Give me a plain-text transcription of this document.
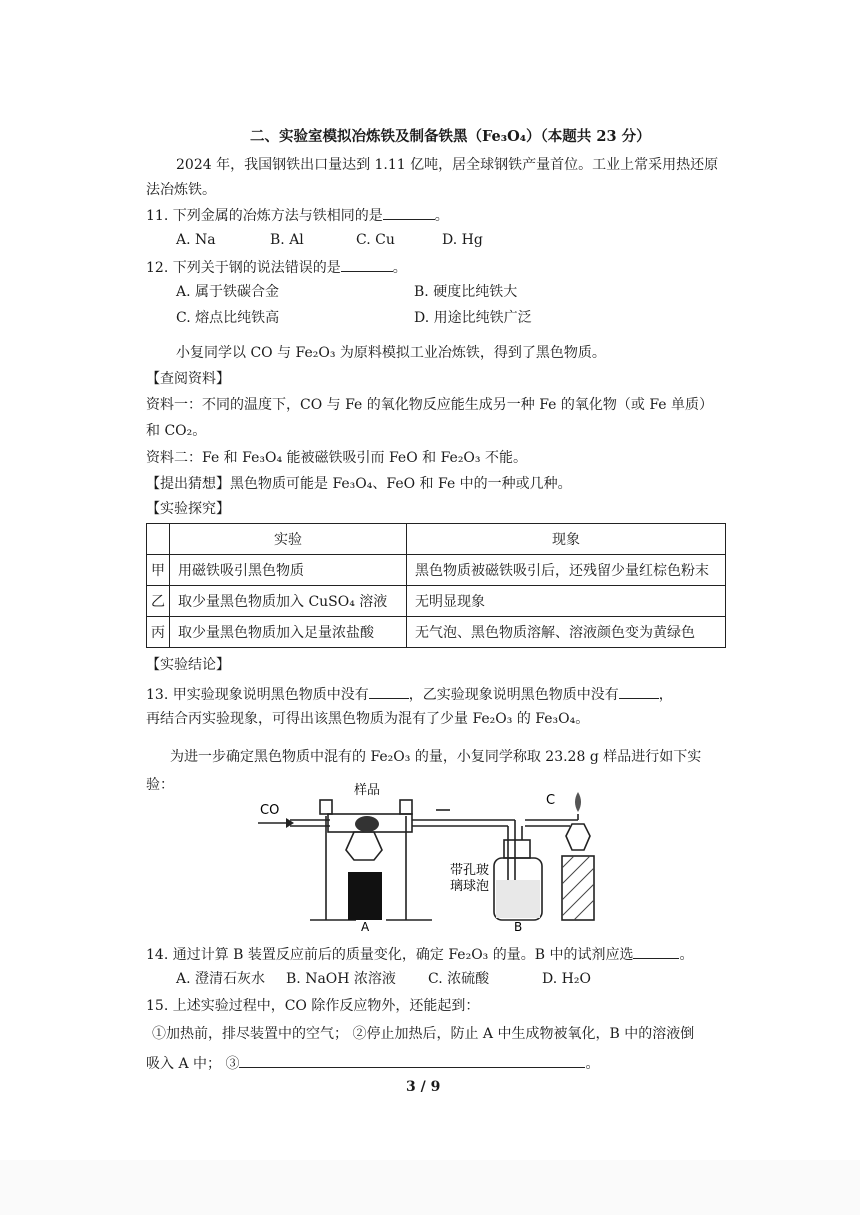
二、实验室模拟冶炼铁及制备铁黑（Fe₃O₄）（本题共 23 分）
2024 年，我国钢铁出口量达到 1.11 亿吨，居全球钢铁产量首位。工业上常采用热还原
法冶炼铁。
11. 下列金属的冶炼方法与铁相同的是	。
A. Na	B. Al	C. Cu	D. Hg
12. 下列关于钢的说法错误的是	。
A. 属于铁碳合金	B. 硬度比纯铁大
C. 熔点比纯铁高	D. 用途比纯铁广泛
小复同学以 CO 与 Fe₂O₃ 为原料模拟工业冶炼铁，得到了黑色物质。
【查阅资料】
资料一：不同的温度下，CO 与 Fe 的氧化物反应能生成另一种 Fe 的氧化物（或 Fe 单质）
和 CO₂。
资料二：Fe 和 Fe₃O₄ 能被磁铁吸引而 FeO 和 Fe₂O₃ 不能。
【提出猜想】黑色物质可能是 Fe₃O₄、FeO 和 Fe 中的一种或几种。
【实验探究】
	实验	现象
甲	用磁铁吸引黑色物质	黑色物质被磁铁吸引后，还残留少量红棕色粉末
乙	取少量黑色物质加入 CuSO₄ 溶液	无明显现象
丙	取少量黑色物质加入足量浓盐酸	无气泡、黑色物质溶解、溶液颜色变为黄绿色
【实验结论】
13. 甲实验现象说明黑色物质中没有	，乙实验现象说明黑色物质中没有	，
再结合丙实验现象，可得出该黑色物质为混有了少量 Fe₂O₃ 的 Fe₃O₄。
为进一步确定黑色物质中混有的 Fe₂O₃ 的量，小复同学称取 23.28 g 样品进行如下实
验：
CO
样品
C
带孔玻
璃球泡
A	B
14. 通过计算 B 装置反应前后的质量变化，确定 Fe₂O₃ 的量。B 中的试剂应选	。
A. 澄清石灰水 B. NaOH 浓溶液 C. 浓硫酸	D. H₂O
15. 上述实验过程中，CO 除作反应物外，还能起到：
①加热前，排尽装置中的空气； ②停止加热后，防止 A 中生成物被氧化，B 中的溶液倒
吸入 A 中； ③	。
3 / 9
